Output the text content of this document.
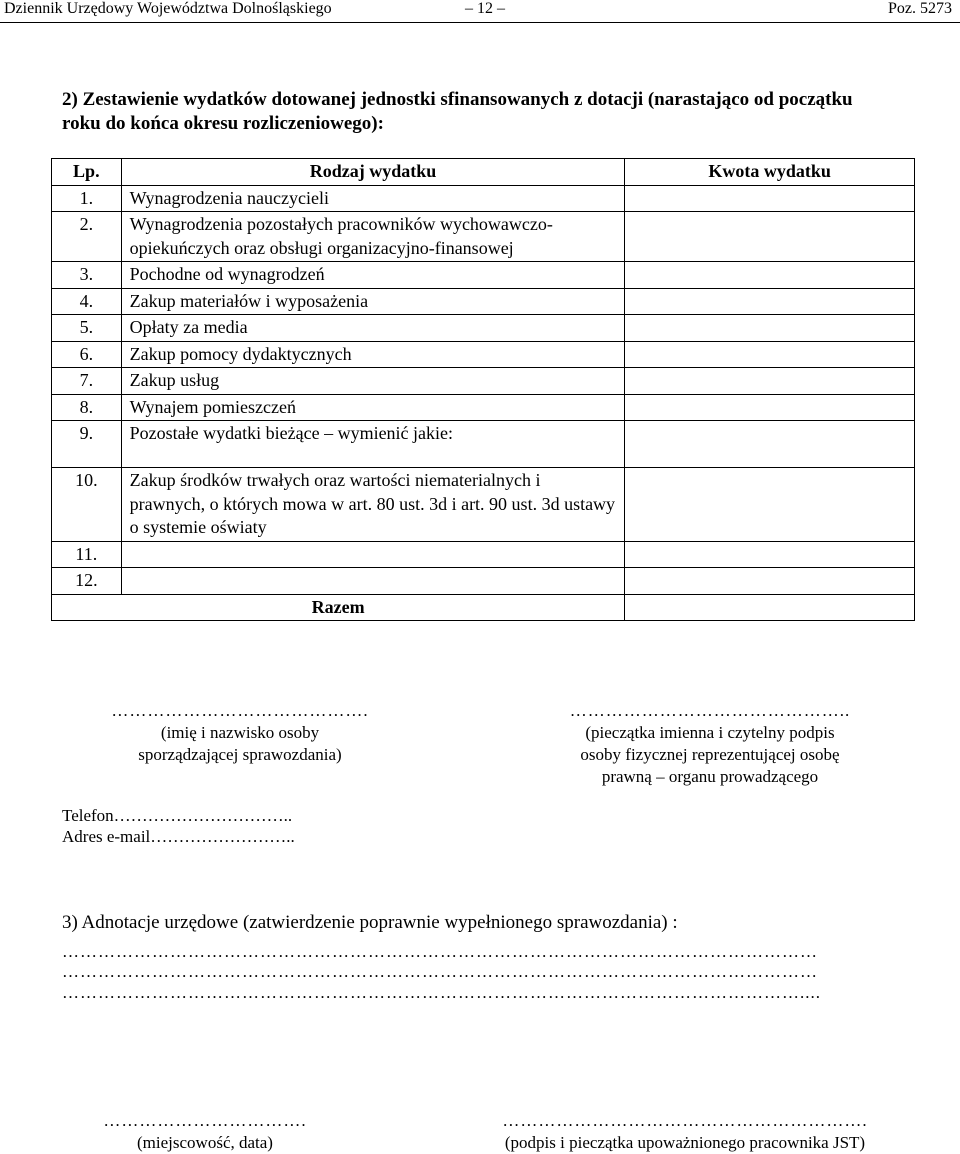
Dziennik Urzędowy Województwa Dolnośląskiego	– 12 –	Poz. 5273
2) Zestawienie wydatków dotowanej jednostki sfinansowanych z dotacji (narastająco od początku roku do końca okresu rozliczeniowego):
Lp.	Rodzaj wydatku	Kwota wydatku
1.	Wynagrodzenia nauczycieli	
2.	Wynagrodzenia pozostałych pracowników wychowawczo-opiekuńczych oraz obsługi organizacyjno-finansowej	
3.	Pochodne od wynagrodzeń	
4.	Zakup materiałów i wyposażenia	
5.	Opłaty za media	
6.	Zakup pomocy dydaktycznych	
7.	Zakup usług	
8.	Wynajem pomieszczeń	
9.	Pozostałe wydatki bieżące – wymienić jakie:	
10.	Zakup środków trwałych oraz wartości niematerialnych i prawnych, o których mowa w art. 80 ust. 3d i art. 90 ust. 3d ustawy o systemie oświaty	
11.		
12.		
Razem		
…………………………………….
(imię i nazwisko osoby
sporządzającej sprawozdania)
………………………………………..
(pieczątka imienna i czytelny podpis
osoby fizycznej reprezentującej osobę
prawną – organu prowadzącego
Telefon…………………………..
Adres e-mail……………………..
3) Adnotacje urzędowe (zatwierdzenie poprawnie wypełnionego sprawozdania) :
………………………………………………………………………………………………………………
………………………………………………………………………………………………………………
……………………………………………………………………………………………………………....
…………………………….
(miejscowość, data)
…………………………………………………….
(podpis i pieczątka upoważnionego pracownika JST)
